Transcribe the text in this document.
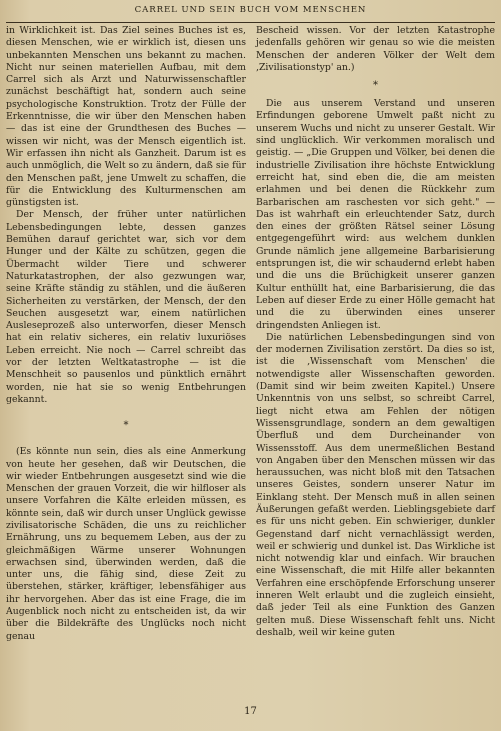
CARREL UND SEIN BUCH VOM MENSCHEN

in Wirklichkeit ist. Das Ziel seines Buches ist es, diesen Menschen, wie er wirklich ist, diesen uns unbekannten Menschen uns bekannt zu machen. Nicht nur seinen materiellen Aufbau, mit dem Carrel sich als Arzt und Naturwissenschaftler zunächst beschäftigt hat, sondern auch seine psychologische Konstruktion. Trotz der Fülle der Erkenntnisse, die wir über den Menschen haben — das ist eine der Grundthesen des Buches — wissen wir nicht, was der Mensch eigentlich ist. Wir erfassen ihn nicht als Ganzheit. Darum ist es auch unmöglich, die Welt so zu ändern, daß sie für den Menschen paßt, jene Umwelt zu schaffen, die für die Entwicklung des Kulturmenschen am günstigsten ist.

Der Mensch, der früher unter natürlichen Lebensbedingungen lebte, dessen ganzes Bemühen darauf gerichtet war, sich vor dem Hunger und der Kälte zu schützen, gegen die Übermacht wilder Tiere und schwerer Naturkatastrophen, der also gezwungen war, seine Kräfte ständig zu stählen, und die äußeren Sicherheiten zu verstärken, der Mensch, der den Seuchen ausgesetzt war, einem natürlichen Ausleseprozeß also unterworfen, dieser Mensch hat ein relativ sicheres, ein relativ luxuriöses Leben erreicht. Nie noch — Carrel schreibt das vor der letzten Weltkatastrophe — ist die Menschheit so pausenlos und pünktlich ernährt worden, nie hat sie so wenig Entbehrungen gekannt.

*

(Es könnte nun sein, dies als eine Anmerkung von heute her gesehen, daß wir Deutschen, die wir wieder Entbehrungen ausgesetzt sind wie die Menschen der grauen Vorzeit, die wir hilfloser als unsere Vorfahren die Kälte erleiden müssen, es könnte sein, daß wir durch unser Unglück gewisse zivilisatorische Schäden, die uns zu reichlicher Ernährung, uns zu bequemem Leben, aus der zu gleichmäßigen Wärme unserer Wohnungen erwachsen sind, überwinden werden, daß die unter uns, die fähig sind, diese Zeit zu überstehen, stärker, kräftiger, lebensfähiger aus ihr hervorgehen. Aber das ist eine Frage, die im Augenblick noch nicht zu entscheiden ist, da wir über die Bildekräfte des Unglücks noch nicht genau

Bescheid wissen. Vor der letzten Katastrophe jedenfalls gehören wir genau so wie die meisten Menschen der anderen Völker der Welt dem ‚Zivilisationstyp' an.)

*

Die aus unserem Verstand und unseren Erfindungen geborene Umwelt paßt nicht zu unserem Wuchs und nicht zu unserer Gestalt. Wir sind unglücklich. Wir verkommen moralisch und geistig. — „Die Gruppen und Völker, bei denen die industrielle Zivilisation ihre höchste Entwicklung erreicht hat, sind eben die, die am meisten erlahmen und bei denen die Rückkehr zum Barbarischen am raschesten vor sich geht." — Das ist wahrhaft ein erleuchtender Satz, durch den eines der größten Rätsel seiner Lösung entgegengeführt wird: aus welchem dunklen Grunde nämlich jene allgemeine Barbarisierung entsprungen ist, die wir schaudernd erlebt haben und die uns die Brüchigkeit unserer ganzen Kultur enthüllt hat, eine Barbarisierung, die das Leben auf dieser Erde zu einer Hölle gemacht hat und die zu überwinden eines unserer dringendsten Anliegen ist.

Die natürlichen Lebensbedingungen sind von der modernen Zivilisation zerstört. Da dies so ist, ist die ‚Wissenschaft vom Menschen' die notwendigste aller Wissenschaften geworden. (Damit sind wir beim zweiten Kapitel.) Unsere Unkenntnis von uns selbst, so schreibt Carrel, liegt nicht etwa am Fehlen der nötigen Wissensgrundlage, sondern an dem gewaltigen Überfluß und dem Durcheinander von Wissensstoff. Aus dem unermeßlichen Bestand von Angaben über den Menschen müssen wir das heraussuchen, was nicht bloß mit den Tatsachen unseres Geistes, sondern unserer Natur im Einklang steht. Der Mensch muß in allen seinen Äußerungen gefaßt werden. Lieblingsgebiete darf es für uns nicht geben. Ein schwieriger, dunkler Gegenstand darf nicht vernachlässigt werden, weil er schwierig und dunkel ist. Das Wirkliche ist nicht notwendig klar und einfach. Wir brauchen eine Wissenschaft, die mit Hilfe aller bekannten Verfahren eine erschöpfende Erforschung unserer inneren Welt erlaubt und die zugleich einsieht, daß jeder Teil als eine Funktion des Ganzen gelten muß. Diese Wissenschaft fehlt uns. Nicht deshalb, weil wir keine guten

17
